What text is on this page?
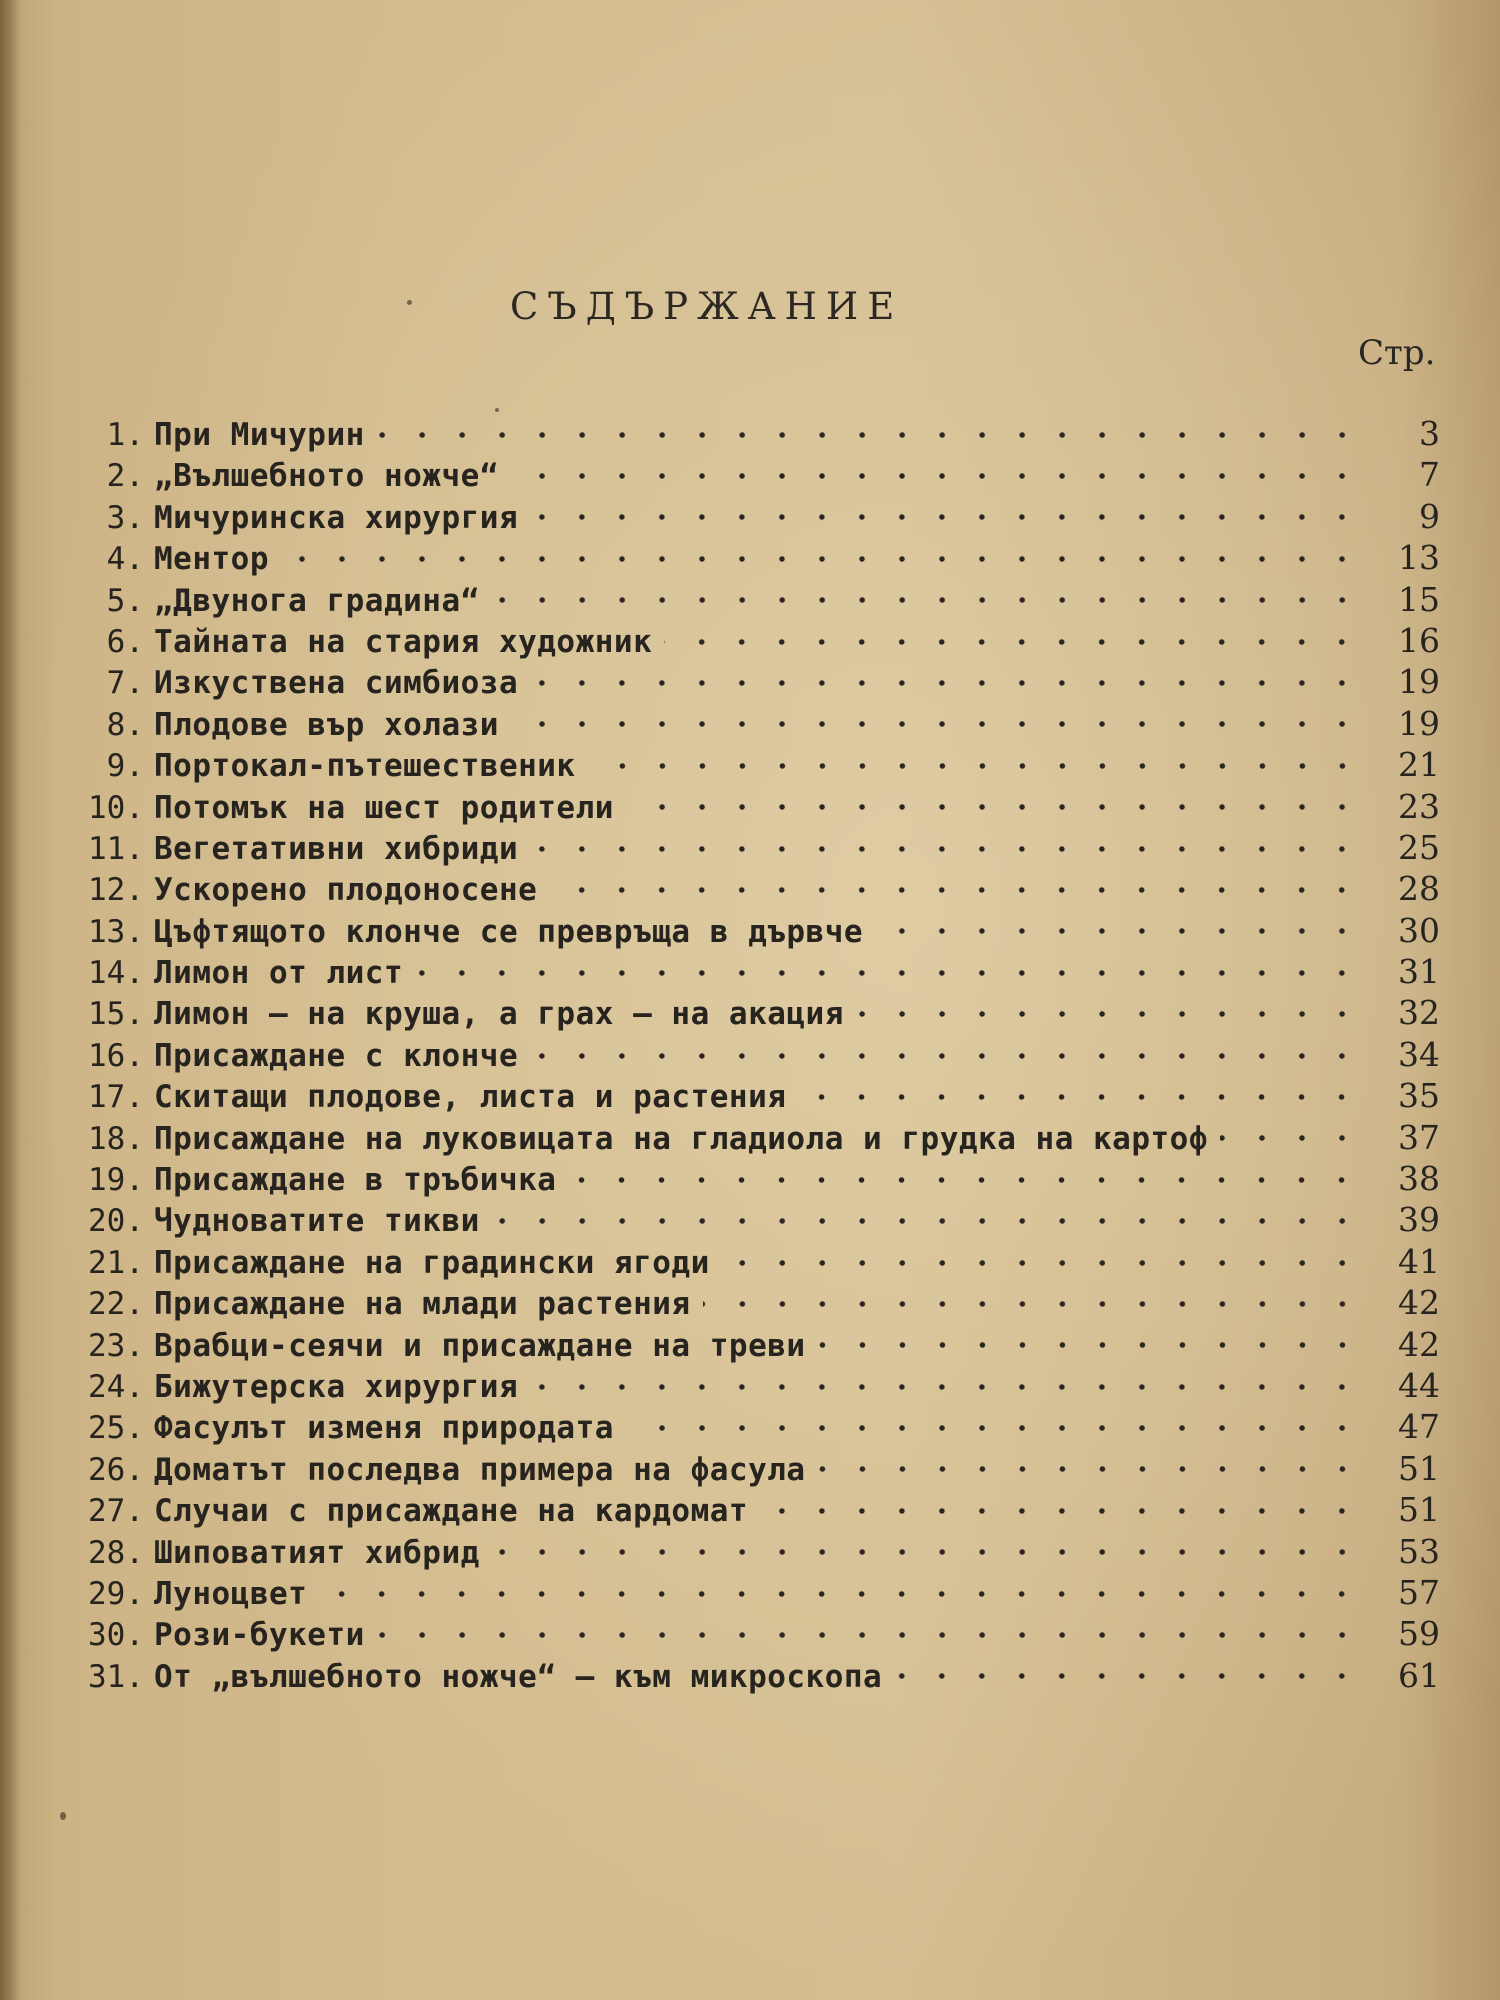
СЪДЪРЖАНИЕ
Стр.
1. При Мичурин	3
2. „Вълшебното ножче“	7
3. Мичуринска хирургия	9
4. Ментор	13
5. „Двунога градина“	15
6. Тайната на стария художник	16
7. Изкуствена симбиоза	19
8. Плодове вър холази	19
9. Портокал-пътешественик	21
10. Потомък на шест родители	23
11. Вегетативни хибриди	25
12. Ускорено плодоносене	28
13. Цъфтящото клонче се превръща в дървче	30
14. Лимон от лист	31
15. Лимон — на круша, а грах — на акация	32
16. Присаждане с клонче	34
17. Скитащи плодове, листа и растения	35
18. Присаждане на луковицата на гладиола и грудка на картоф	37
19. Присаждане в тръбичка	38
20. Чудноватите тикви	39
21. Присаждане на градински ягоди	41
22. Присаждане на млади растения	42
23. Врабци-сеячи и присаждане на треви	42
24. Бижутерска хирургия	44
25. Фасулът изменя природата	47
26. Доматът последва примера на фасула	51
27. Случаи с присаждане на кардомат	51
28. Шиповатият хибрид	53
29. Луноцвет	57
30. Рози-букети	59
31. От „вълшебното ножче“ — към микроскопа	61
